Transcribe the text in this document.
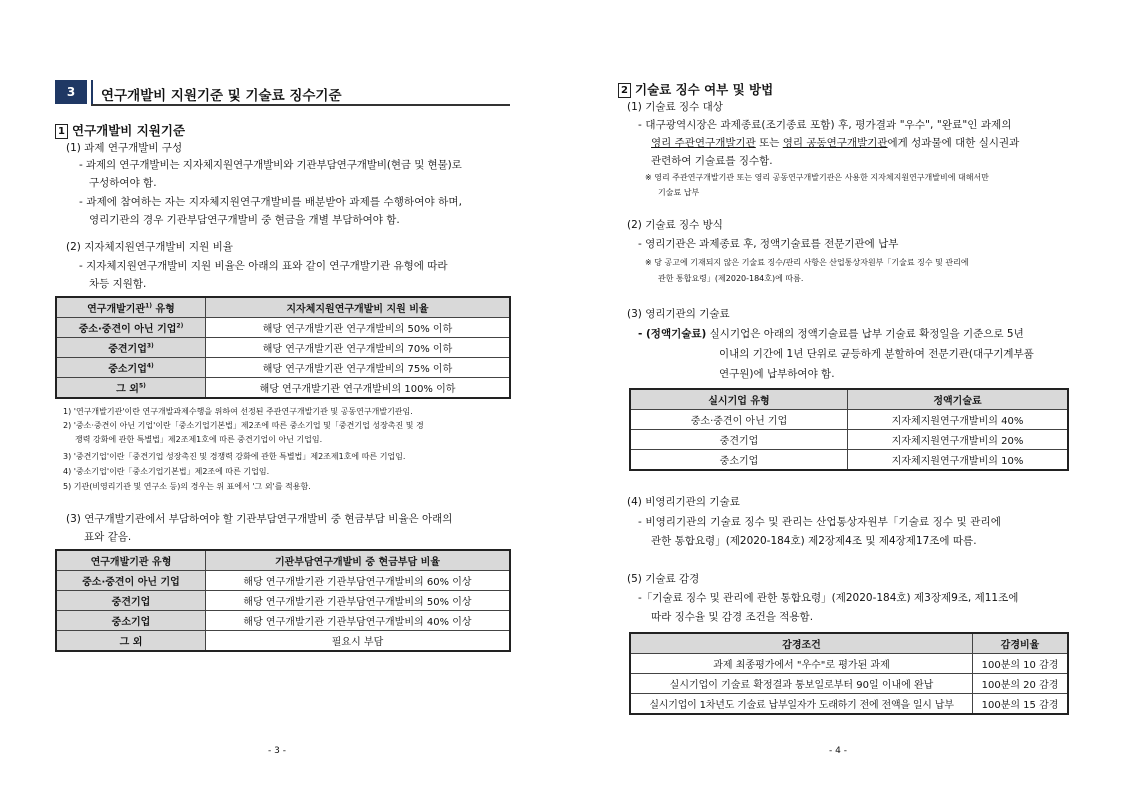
3	연구개발비 지원기준 및 기술료 징수기준
1 연구개발비 지원기준
(1) 과제 연구개발비 구성
- 과제의 연구개발비는 지자체지원연구개발비와 기관부담연구개발비(현금 및 현물)로
구성하여야 함.
- 과제에 참여하는 자는 지자체지원연구개발비를 배분받아 과제를 수행하여야 하며,
영리기관의 경우 기관부담연구개발비 중 현금을 개별 부담하여야 함.
(2) 지자체지원연구개발비 지원 비율
- 지자체지원연구개발비 지원 비율은 아래의 표와 같이 연구개발기관 유형에 따라
차등 지원함.
연구개발기관$^{1)}$ 유형	지자체지원연구개발비 지원 비율
중소·중견이 아닌 기업$^{2)}$	해당 연구개발기관 연구개발비의 50% 이하
중견기업$^{3)}$	해당 연구개발기관 연구개발비의 70% 이하
중소기업$^{4)}$	해당 연구개발기관 연구개발비의 75% 이하
그 외$^{5)}$	해당 연구개발기관 연구개발비의 100% 이하
1) '연구개발기관'이란 연구개발과제수행을 위하여 선정된 주관연구개발기관 및 공동연구개발기관임.
2) '중소·중견이 아닌 기업'이란「중소기업기본법」제2조에 따른 중소기업 및「중견기업 성장촉진 및 경
쟁력 강화에 관한 특별법」제2조제1호에 따른 중견기업이 아닌 기업임.
3) '중견기업'이란「중견기업 성장촉진 및 경쟁력 강화에 관한 특별법」제2조제1호에 따른 기업임.
4) '중소기업'이란「중소기업기본법」제2조에 따른 기업임.
5) 기관(비영리기관 및 연구소 등)의 경우는 위 표에서 '그 외'를 적용함.
(3) 연구개발기관에서 부담하여야 할 기관부담연구개발비 중 현금부담 비율은 아래의
표와 같음.
연구개발기관 유형	기관부담연구개발비 중 현금부담 비율
중소·중견이 아닌 기업	해당 연구개발기관 기관부담연구개발비의 60% 이상
중견기업	해당 연구개발기관 기관부담연구개발비의 50% 이상
중소기업	해당 연구개발기관 기관부담연구개발비의 40% 이상
그 외	필요시 부담
- 3 -
2 기술료 징수 여부 및 방법
(1) 기술료 징수 대상
- 대구광역시장은 과제종료(조기종료 포함) 후, 평가결과 "우수", "완료"인 과제의
영리 주관연구개발기관 또는 영리 공동연구개발기관에게 성과물에 대한 실시권과
관련하여 기술료를 징수함.
※ 영리 주관연구개발기관 또는 영리 공동연구개발기관은 사용한 지자체지원연구개발비에 대해서만
기술료 납부
(2) 기술료 징수 방식
- 영리기관은 과제종료 후, 정액기술료를 전문기관에 납부
※ 당 공고에 기재되지 않은 기술료 징수/관리 사항은 산업통상자원부「기술료 징수 및 관리에
관한 통합요령」(제2020-184호)에 따름.
(3) 영리기관의 기술료
- (정액기술료) 실시기업은 아래의 정액기술료를 납부 기술료 확정일을 기준으로 5년
이내의 기간에 1년 단위로 균등하게 분할하여 전문기관(대구기계부품
연구원)에 납부하여야 함.
실시기업 유형	정액기술료
중소·중견이 아닌 기업	지자체지원연구개발비의 40%
중견기업	지자체지원연구개발비의 20%
중소기업	지자체지원연구개발비의 10%
(4) 비영리기관의 기술료
- 비영리기관의 기술료 징수 및 관리는 산업통상자원부「기술료 징수 및 관리에
관한 통합요령」(제2020-184호) 제2장제4조 및 제4장제17조에 따름.
(5) 기술료 감경
-「기술료 징수 및 관리에 관한 통합요령」(제2020-184호) 제3장제9조, 제11조에
따라 징수율 및 감경 조건을 적용함.
감경조건	감경비율
과제 최종평가에서 "우수"로 평가된 과제	100분의 10 감경
실시기업이 기술료 확정결과 통보일로부터 90일 이내에 완납	100분의 20 감경
실시기업이 1차년도 기술료 납부일자가 도래하기 전에 전액을 일시 납부	100분의 15 감경
- 4 -
